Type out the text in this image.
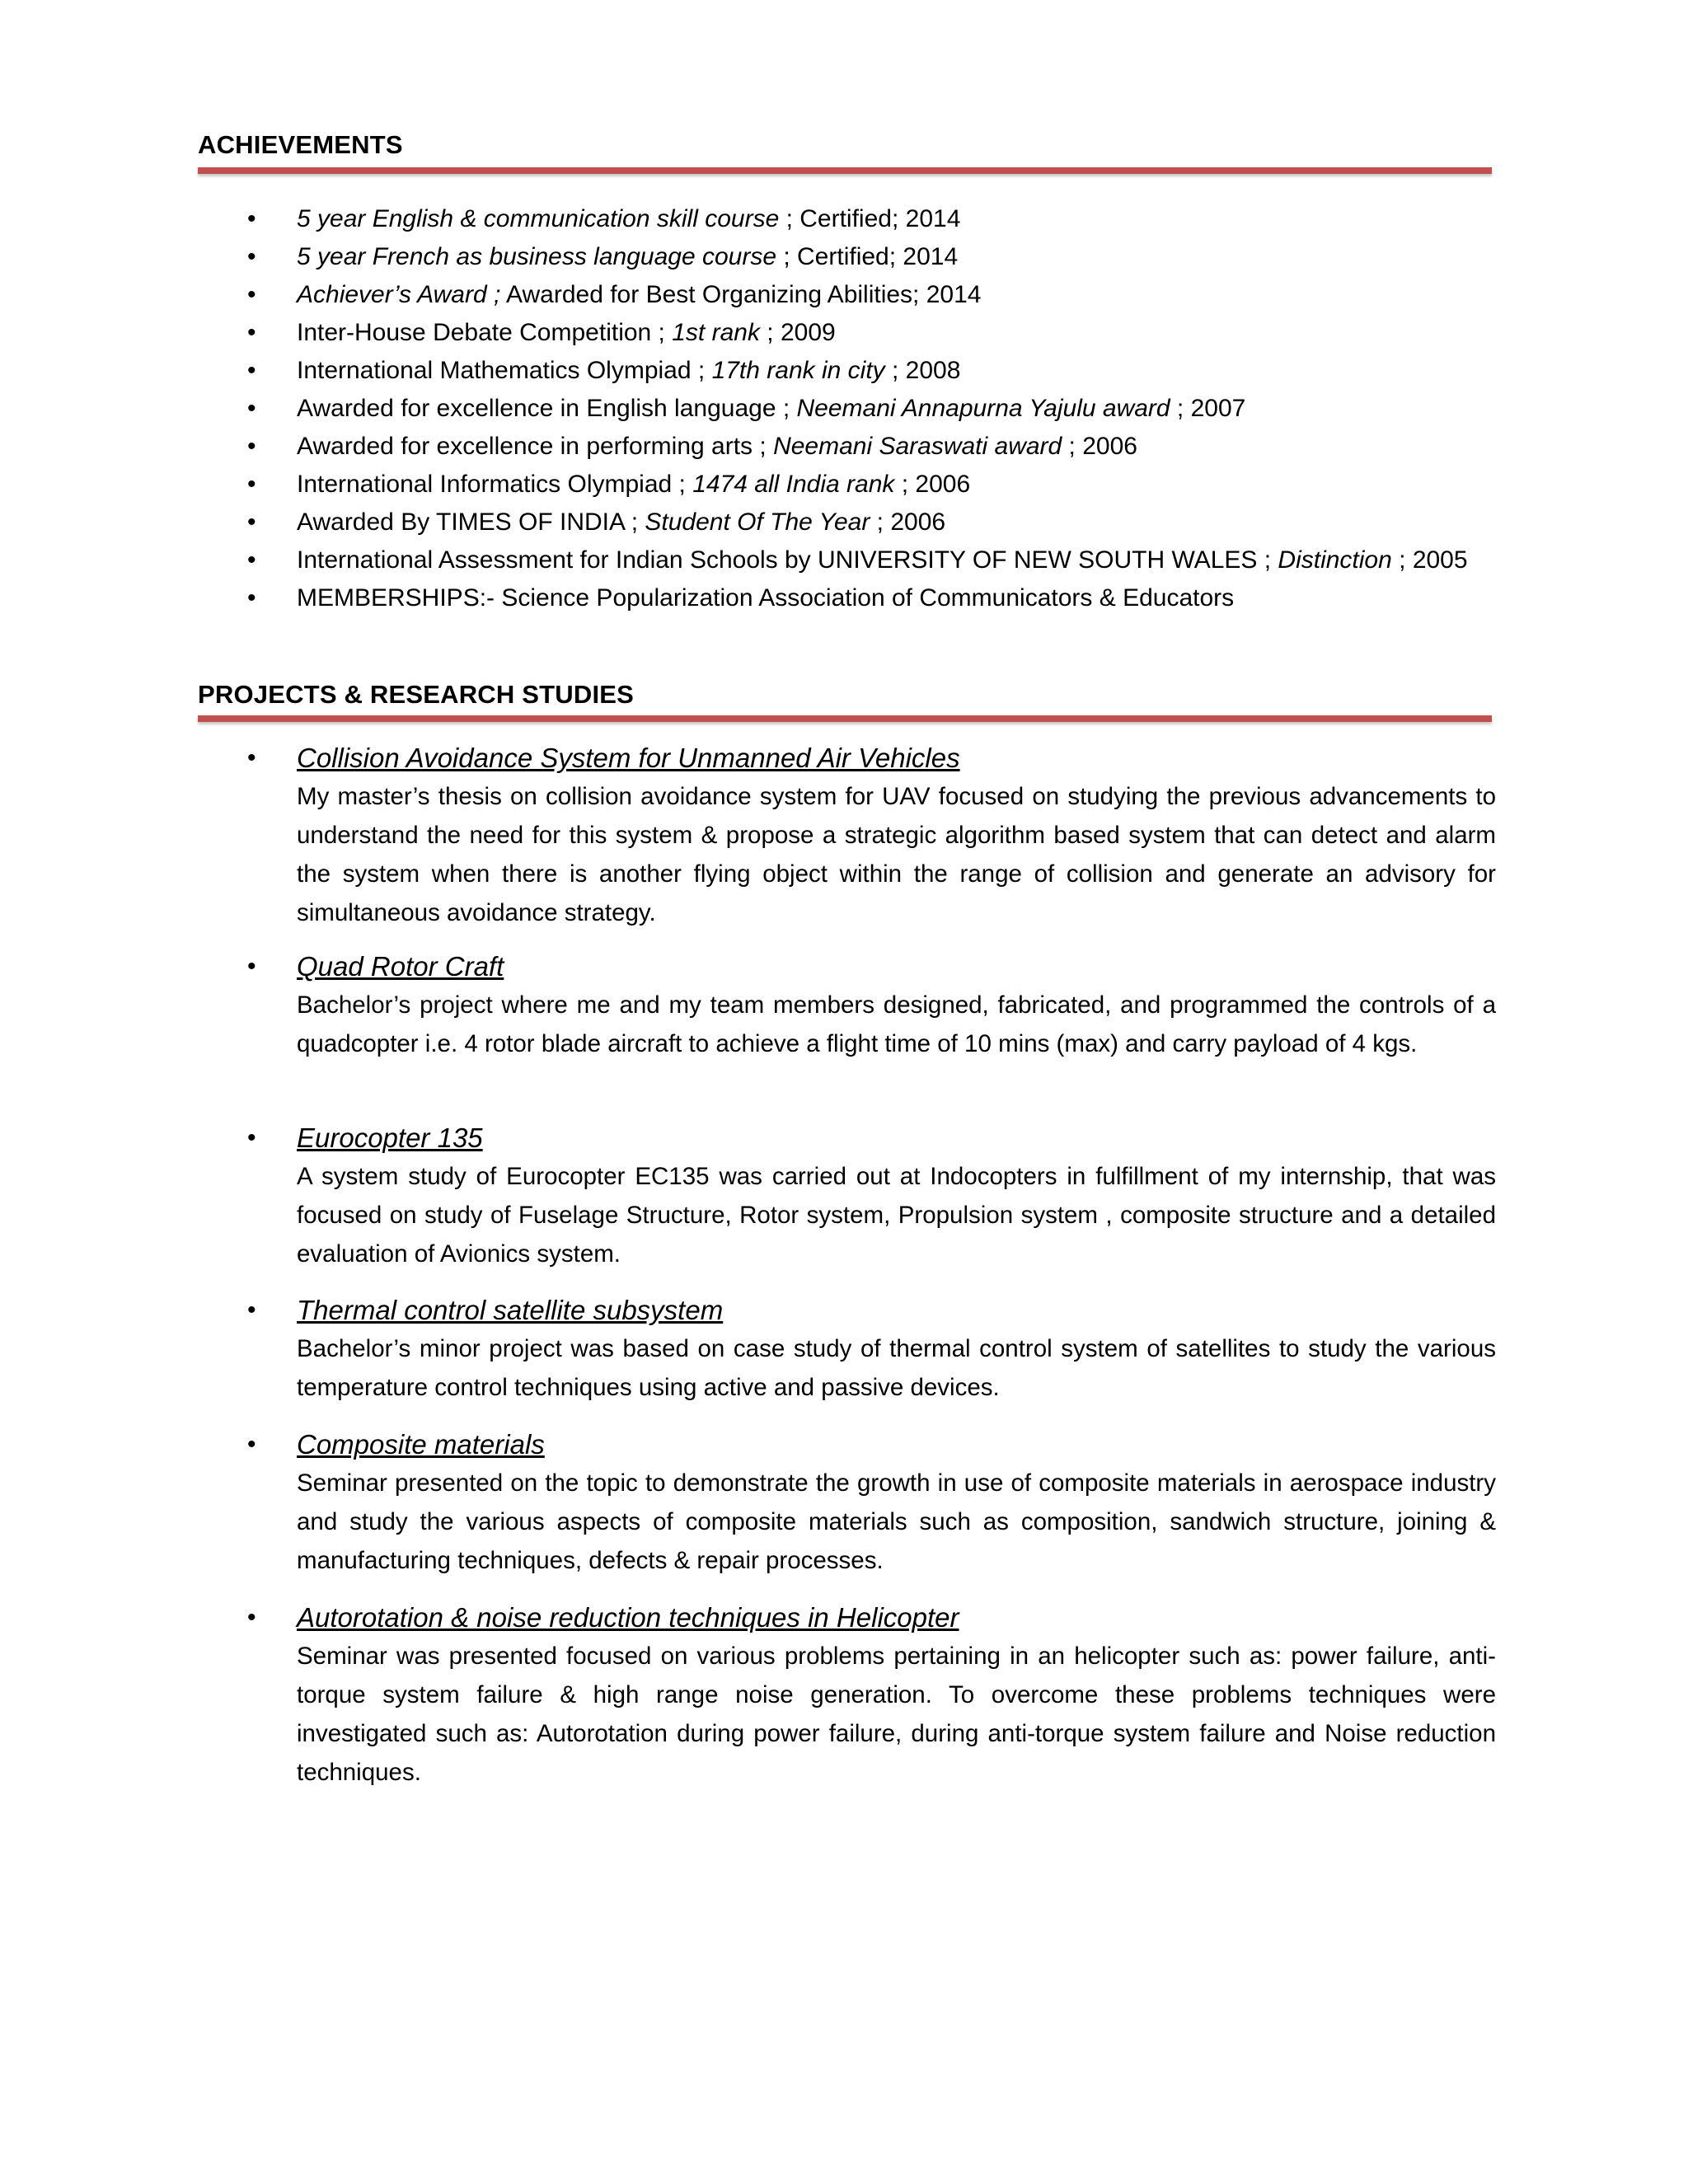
ACHIEVEMENTS
• 5 year English & communication skill course ; Certified; 2014
• 5 year French as business language course ; Certified; 2014
• Achiever’s Award ; Awarded for Best Organizing Abilities; 2014
• Inter-House Debate Competition ; 1st rank ; 2009
• International Mathematics Olympiad ; 17th rank in city ; 2008
• Awarded for excellence in English language ; Neemani Annapurna Yajulu award ; 2007
• Awarded for excellence in performing arts ; Neemani Saraswati award ; 2006
• International Informatics Olympiad ; 1474 all India rank ; 2006
• Awarded By TIMES OF INDIA ; Student Of The Year ; 2006
• International Assessment for Indian Schools by UNIVERSITY OF NEW SOUTH WALES ; Distinction ; 2005
• MEMBERSHIPS:- Science Popularization Association of Communicators & Educators
PROJECTS & RESEARCH STUDIES
• Collision Avoidance System for Unmanned Air Vehicles

My master’s thesis on collision avoidance system for UAV focused on studying the previous advancements to understand the need for this system & propose a strategic algorithm based system that can detect and alarm the system when there is another flying object within the range of collision and generate an advisory for simultaneous avoidance strategy.

• Quad Rotor Craft

Bachelor’s project where me and my team members designed, fabricated, and programmed the controls of a quadcopter i.e. 4 rotor blade aircraft to achieve a flight time of 10 mins (max) and carry payload of 4 kgs.

• Eurocopter 135

A system study of Eurocopter EC135 was carried out at Indocopters in fulfillment of my internship, that was focused on study of Fuselage Structure, Rotor system, Propulsion system , composite structure and a detailed evaluation of Avionics system.

• Thermal control satellite subsystem

Bachelor’s minor project was based on case study of thermal control system of satellites to study the various temperature control techniques using active and passive devices.

• Composite materials

Seminar presented on the topic to demonstrate the growth in use of composite materials in aerospace industry and study the various aspects of composite materials such as composition, sandwich structure, joining & manufacturing techniques, defects & repair processes.

• Autorotation & noise reduction techniques in Helicopter

Seminar was presented focused on various problems pertaining in an helicopter such as: power failure, anti-torque system failure & high range noise generation. To overcome these problems techniques were investigated such as: Autorotation during power failure, during anti-torque system failure and Noise reduction techniques.
